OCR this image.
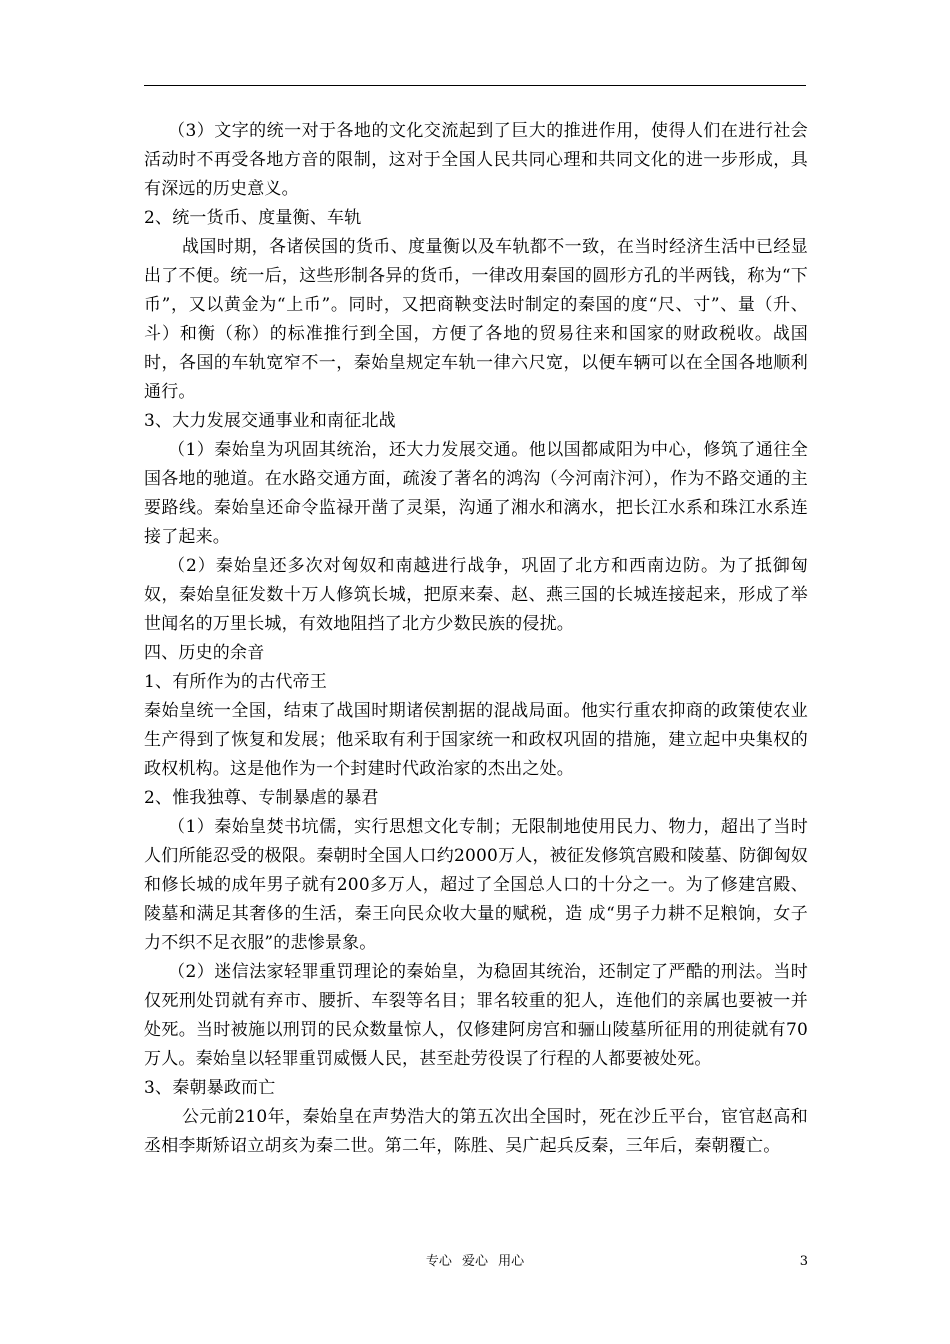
（3）文字的统一对于各地的文化交流起到了巨大的推进作用，使得人们在进行社会活动时不再受各地方音的限制，这对于全国人民共同心理和共同文化的进一步形成，具有深远的历史意义。

2、统一货币、度量衡、车轨

战国时期，各诸侯国的货币、度量衡以及车轨都不一致，在当时经济生活中已经显出了不便。统一后，这些形制各异的货币，一律改用秦国的圆形方孔的半两钱，称为“下币”，又以黄金为“上币”。同时，又把商鞅变法时制定的秦国的度“尺、寸”、量（升、斗）和衡（称）的标准推行到全国，方便了各地的贸易往来和国家的财政税收。战国时，各国的车轨宽窄不一，秦始皇规定车轨一律六尺宽，以便车辆可以在全国各地顺利通行。

3、大力发展交通事业和南征北战

（1）秦始皇为巩固其统治，还大力发展交通。他以国都咸阳为中心，修筑了通往全国各地的驰道。在水路交通方面，疏浚了著名的鸿沟（今河南汴河），作为不路交通的主要路线。秦始皇还命令监禄开凿了灵渠，沟通了湘水和漓水，把长江水系和珠江水系连接了起来。

（2）秦始皇还多次对匈奴和南越进行战争，巩固了北方和西南边防。为了抵御匈奴，秦始皇征发数十万人修筑长城，把原来秦、赵、燕三国的长城连接起来，形成了举世闻名的万里长城，有效地阻挡了北方少数民族的侵扰。

四、历史的余音

1、有所作为的古代帝王

秦始皇统一全国，结束了战国时期诸侯割据的混战局面。他实行重农抑商的政策使农业生产得到了恢复和发展；他采取有利于国家统一和政权巩固的措施，建立起中央集权的政权机构。这是他作为一个封建时代政治家的杰出之处。

2、惟我独尊、专制暴虐的暴君

（1）秦始皇焚书坑儒，实行思想文化专制；无限制地使用民力、物力，超出了当时人们所能忍受的极限。秦朝时全国人口约2000万人，被征发修筑宫殿和陵墓、防御匈奴和修长城的成年男子就有200多万人，超过了全国总人口的十分之一。为了修建宫殿、陵墓和满足其奢侈的生活，秦王向民众收大量的赋税，造 成“男子力耕不足粮饷，女子力不织不足衣服”的悲惨景象。

（2）迷信法家轻罪重罚理论的秦始皇，为稳固其统治，还制定了严酷的刑法。当时仅死刑处罚就有弃市、腰折、车裂等名目；罪名较重的犯人，连他们的亲属也要被一并处死。当时被施以刑罚的民众数量惊人，仅修建阿房宫和骊山陵墓所征用的刑徒就有70万人。秦始皇以轻罪重罚威慑人民，甚至赴劳役误了行程的人都要被处死。

3、秦朝暴政而亡

公元前210年，秦始皇在声势浩大的第五次出全国时，死在沙丘平台，宦官赵高和丞相李斯矫诏立胡亥为秦二世。第二年，陈胜、吴广起兵反秦，三年后，秦朝覆亡。

专心 爱心 用心	3
